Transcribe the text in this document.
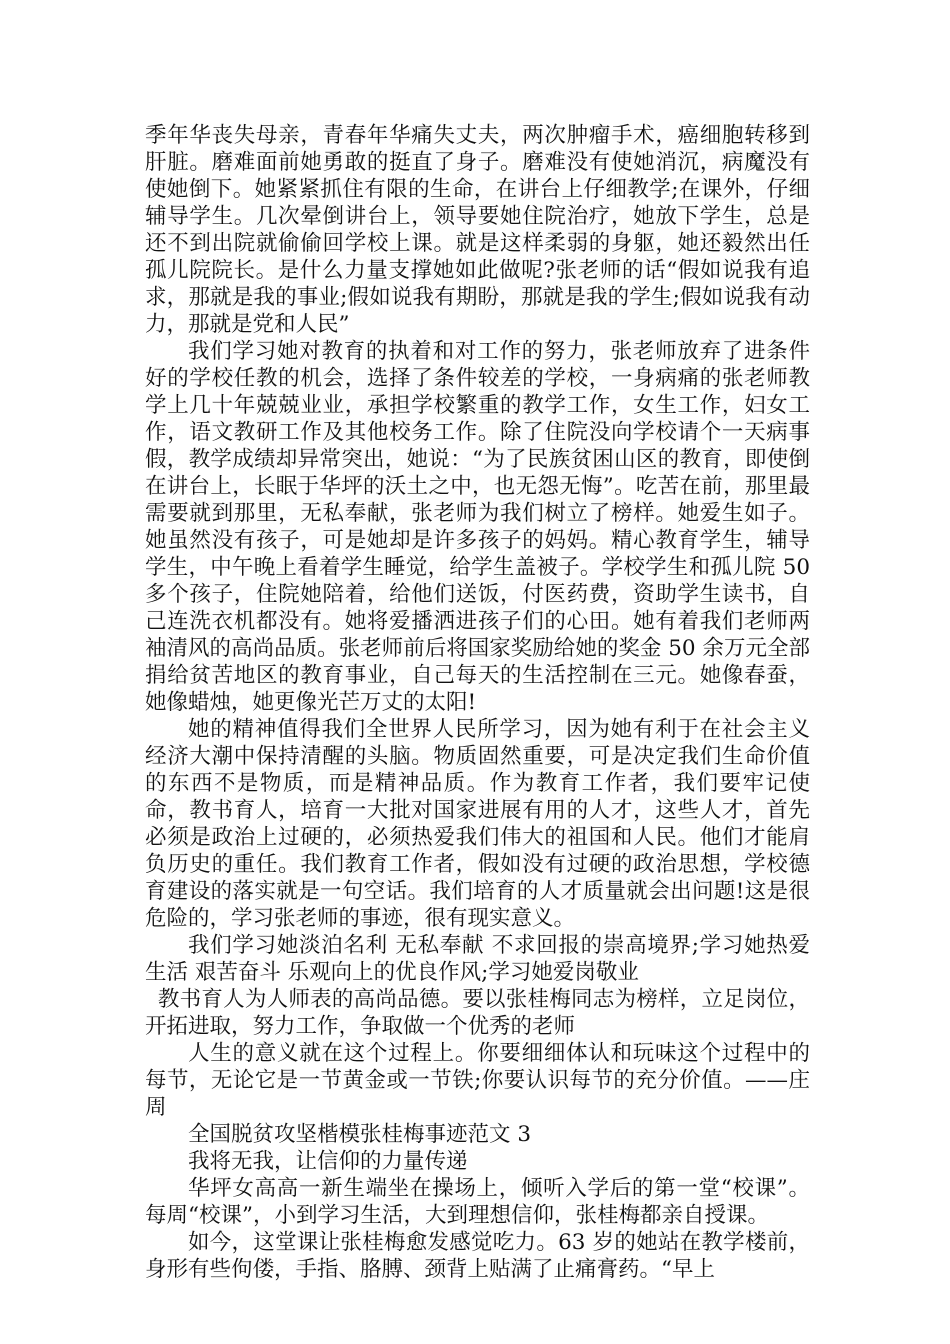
季年华丧失母亲，青春年华痛失丈夫，两次肿瘤手术，癌细胞转移到肝脏。磨难面前她勇敢的挺直了身子。磨难没有使她消沉，病魔没有使她倒下。她紧紧抓住有限的生命，在讲台上仔细教学;在课外，仔细辅导学生。几次晕倒讲台上，领导要她住院治疗，她放下学生，总是还不到出院就偷偷回学校上课。就是这样柔弱的身躯，她还毅然出任孤儿院院长。是什么力量支撑她如此做呢?张老师的话“假如说我有追求，那就是我的事业;假如说我有期盼，那就是我的学生;假如说我有动力，那就是党和人民”

我们学习她对教育的执着和对工作的努力，张老师放弃了进条件好的学校任教的机会，选择了条件较差的学校，一身病痛的张老师教学上几十年兢兢业业，承担学校繁重的教学工作，女生工作，妇女工作，语文教研工作及其他校务工作。除了住院没向学校请个一天病事假，教学成绩却异常突出，她说：“为了民族贫困山区的教育，即使倒在讲台上，长眠于华坪的沃土之中，也无怨无悔”。吃苦在前，那里最需要就到那里，无私奉献，张老师为我们树立了榜样。她爱生如子。她虽然没有孩子，可是她却是许多孩子的妈妈。精心教育学生，辅导学生，中午晚上看着学生睡觉，给学生盖被子。学校学生和孤儿院 50 多个孩子，住院她陪着，给他们送饭，付医药费，资助学生读书，自己连洗衣机都没有。她将爱播洒进孩子们的心田。她有着我们老师两袖清风的高尚品质。张老师前后将国家奖励给她的奖金 50 余万元全部捐给贫苦地区的教育事业，自己每天的生活控制在三元。她像春蚕，她像蜡烛，她更像光芒万丈的太阳!

她的精神值得我们全世界人民所学习，因为她有利于在社会主义经济大潮中保持清醒的头脑。物质固然重要，可是决定我们生命价值的东西不是物质，而是精神品质。作为教育工作者，我们要牢记使命，教书育人，培育一大批对国家进展有用的人才，这些人才，首先必须是政治上过硬的，必须热爱我们伟大的祖国和人民。他们才能肩负历史的重任。我们教育工作者，假如没有过硬的政治思想，学校德育建设的落实就是一句空话。我们培育的人才质量就会出问题!这是很危险的，学习张老师的事迹，很有现实意义。

我们学习她淡泊名利 无私奉献 不求回报的崇高境界;学习她热爱生活 艰苦奋斗 乐观向上的优良作风;学习她爱岗敬业

教书育人为人师表的高尚品德。要以张桂梅同志为榜样，立足岗位，开拓进取，努力工作，争取做一个优秀的老师

人生的意义就在这个过程上。你要细细体认和玩味这个过程中的每节，无论它是一节黄金或一节铁;你要认识每节的充分价值。——庄周

全国脱贫攻坚楷模张桂梅事迹范文 3

我将无我，让信仰的力量传递

华坪女高高一新生端坐在操场上，倾听入学后的第一堂“校课”。每周“校课”，小到学习生活，大到理想信仰，张桂梅都亲自授课。

如今，这堂课让张桂梅愈发感觉吃力。63 岁的她站在教学楼前，身形有些佝偻，手指、胳膊、颈背上贴满了止痛膏药。“早上
